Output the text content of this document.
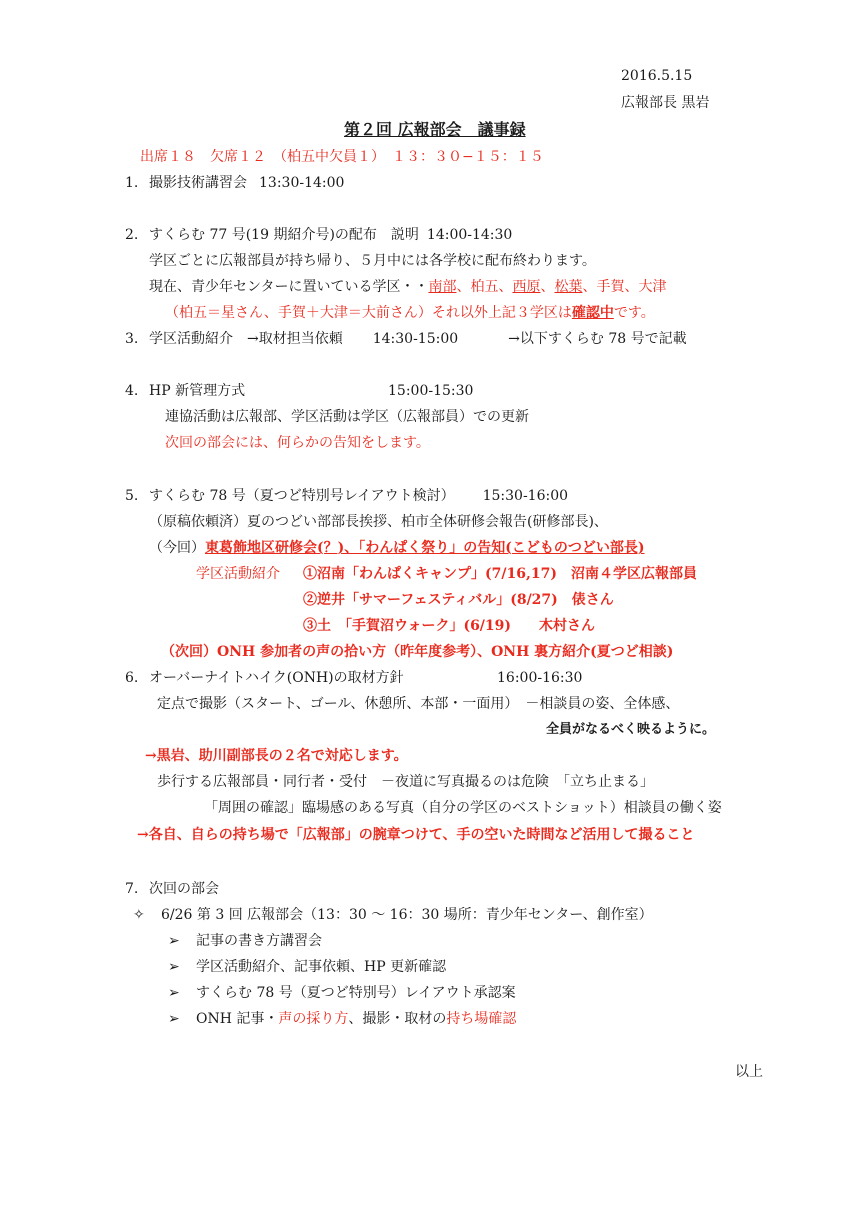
2016.5.15
広報部長 黒岩
第２回 広報部会　議事録
出席１８　欠席１２　（柏五中欠員１）　１３：３０−１５：１５
1. 撮影技術講習会 13:30-14:00
2. すくらむ 77 号(19 期紹介号)の配布　説明 14:00-14:30
学区ごとに広報部員が持ち帰り、５月中には各学校に配布終わります。
現在、青少年センターに置いている学区・・南部、柏五、西原、松葉、手賀、大津
（柏五＝星さん、手賀＋大津＝大前さん）それ以外上記３学区は確認中です。
3. 学区活動紹介　→取材担当依頼 14:30-15:00	→以下すくらむ 78 号で記載
4. HP 新管理方式	15:00-15:30
連協活動は広報部、学区活動は学区（広報部員）での更新
次回の部会には、何らかの告知をします。
5. すくらむ 78 号（夏つど特別号レイアウト検討） 15:30-16:00
（原稿依頼済）夏のつどい部部長挨拶、柏市全体研修会報告(研修部長)、
（今回）東葛飾地区研修会(？)、「わんぱく祭り」の告知(こどものつどい部長)
学区活動紹介 ①沼南「わんぱくキャンプ」(7/16,17)　沼南４学区広報部員
②逆井「サマーフェスティバル」(8/27)　俵さん
③土　「手賀沼ウォーク」(6/19)　　木村さん
（次回）ONH 参加者の声の拾い方（昨年度参考）、ONH 裏方紹介(夏つど相談)
6. オーバーナイトハイク(ONH)の取材方針	16:00-16:30
定点で撮影（スタート、ゴール、休憩所、本部・一面用）　－相談員の姿、全体感、
全員がなるべく映るように。
→黒岩、助川副部長の２名で対応します。
歩行する広報部員・同行者・受付　－夜道に写真撮るのは危険　「立ち止まる」
「周囲の確認」臨場感のある写真（自分の学区のベストショット）相談員の働く姿
→各自、自らの持ち場で「広報部」の腕章つけて、手の空いた時間など活用して撮ること
7. 次回の部会
✧ 6/26 第 3 回 広報部会（13：30 ～ 16：30 場所：青少年センター、創作室）
➢ 記事の書き方講習会
➢ 学区活動紹介、記事依頼、HP 更新確認
➢ すくらむ 78 号（夏つど特別号）レイアウト承認案
➢ ONH 記事・声の採り方、撮影・取材の持ち場確認
以上
